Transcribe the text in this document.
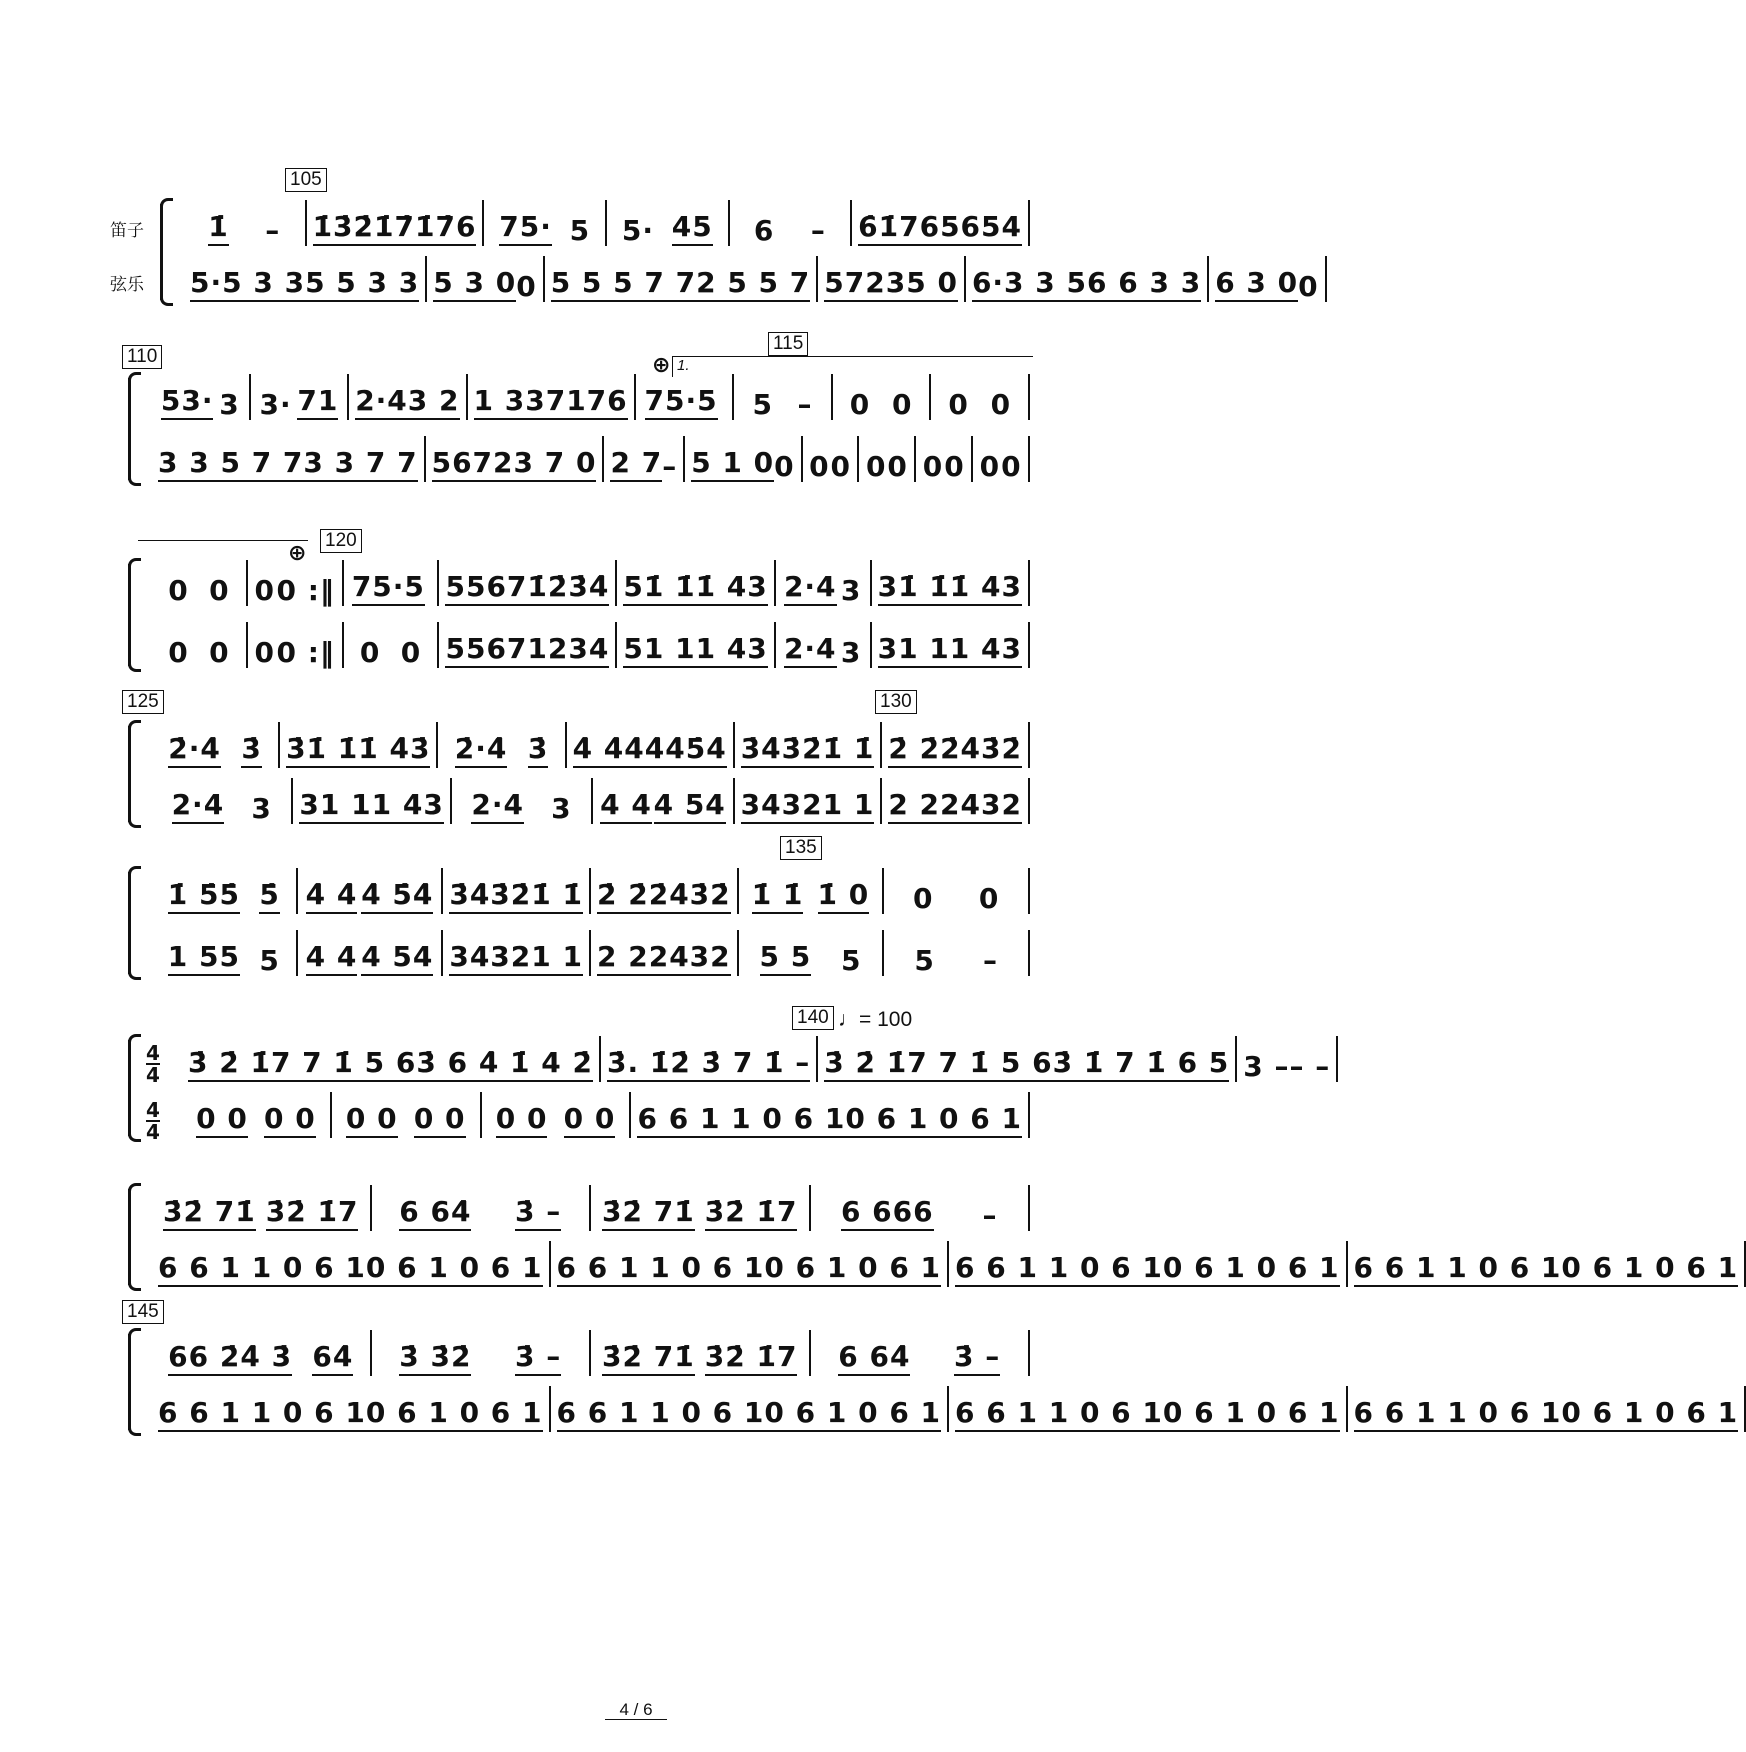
笛子
弦乐
105
110
115
120
125	130
135
140
145
♩= 100
4
4
4
4
1.
⊕
⊕
1̇ – 1̇3̇2̇1̇ 7̇1̇7̇6 75· 5 5· 45 6 – 6̇1̇76 5654
5·5 3 3 5 5 3 3 5 3 0 0 5 5 5 7 7 2 5 5 7 5723 5 0 6·3 3 5 6 6 3 3 6 3 0 0
53· 3 3· 71 2·4 3 2 1 33 7176 75·5 5 – 0 0 0 0
3 3 5 7 7 3 3 7 7 5672 3 7 0 2 7 – 5 1 0 0 0 0 0 0 0 0 0 0
0 0 0 0 :‖ 75·5 5567 1̇2̇3̇4̇ 51̇ 1̇ 1̇ 43 2·4 3 31̇ 1̇ 1̇ 43
0 0 0 0 :‖ 0 0 5567 1234 51 1 1 43 2·4 3 31 1 1 43
2̇·4̇ 3̇ 3̇1̇ 1̇ 1̇ 4̇3̇ 2̇·4̇ 3̇ 4̇ 4̇4̇ 4̇4̇5̇4̇ 3̇4̇3̇2̇ 1̇ 1̇ 2̇ 2̇ 2̇4̇3̇2̇
2·4 3 31 1 1 43 2·4 3 4 4 4 54 3432 1 1 2 2 2432
1̇ 5̇5̇ 5̇ 4̇ 4̇ 4̇ 5̇4̇ 3̇4̇3̇2̇ 1̇ 1̇ 2̇ 2̇ 2̇4̇3̇2̇ 1̇ 1̇ 1̇ 0 0 0
1 55 5 4 4 4 54 3432 1 1 2 2 2432 5 5 5 5 –
3̇ 2̇ 1̇7 7 1̇ 5 6 3̇ 6 4̇ 1̇ 4 2̇ 3̇. 1̇ 2̇ 3̇ 7 1̇ – 3̇ 2̇ 1̇7 7 1̇ 5 6 3̇ 1̇ 7 1̇ 6 5 3 – – –
0 0 0 0 0 0 0 0 0 0 0 0 6 6 1 1 0 6 1 0 6 1 0 6 1
3̇2̇ 71̇ 3̇2̇ 1̇7 6 64̇ 3̇ – 3̇2̇ 71̇ 3̇2̇ 1̇7 6 666 –
6 6 1 1 0 6 1 0 6 1 0 6 1 6 6 1 1 0 6 1 0 6 1 0 6 1 6 6 1 1 0 6 1 0 6 1 0 6 1 6 6 1 1 0 6 1 0 6 1 0 6 1
66 2̇4̇ 3̇ 64̇ 3̇ 3̇2̇ 3̇ – 3̇2̇ 71̇ 3̇2̇ 1̇7 6 64̇ 3̇ –
6 6 1 1 0 6 1 0 6 1 0 6 1 6 6 1 1 0 6 1 0 6 1 0 6 1 6 6 1 1 0 6 1 0 6 1 0 6 1 6 6 1 1 0 6 1 0 6 1 0 6 1
4 / 6
